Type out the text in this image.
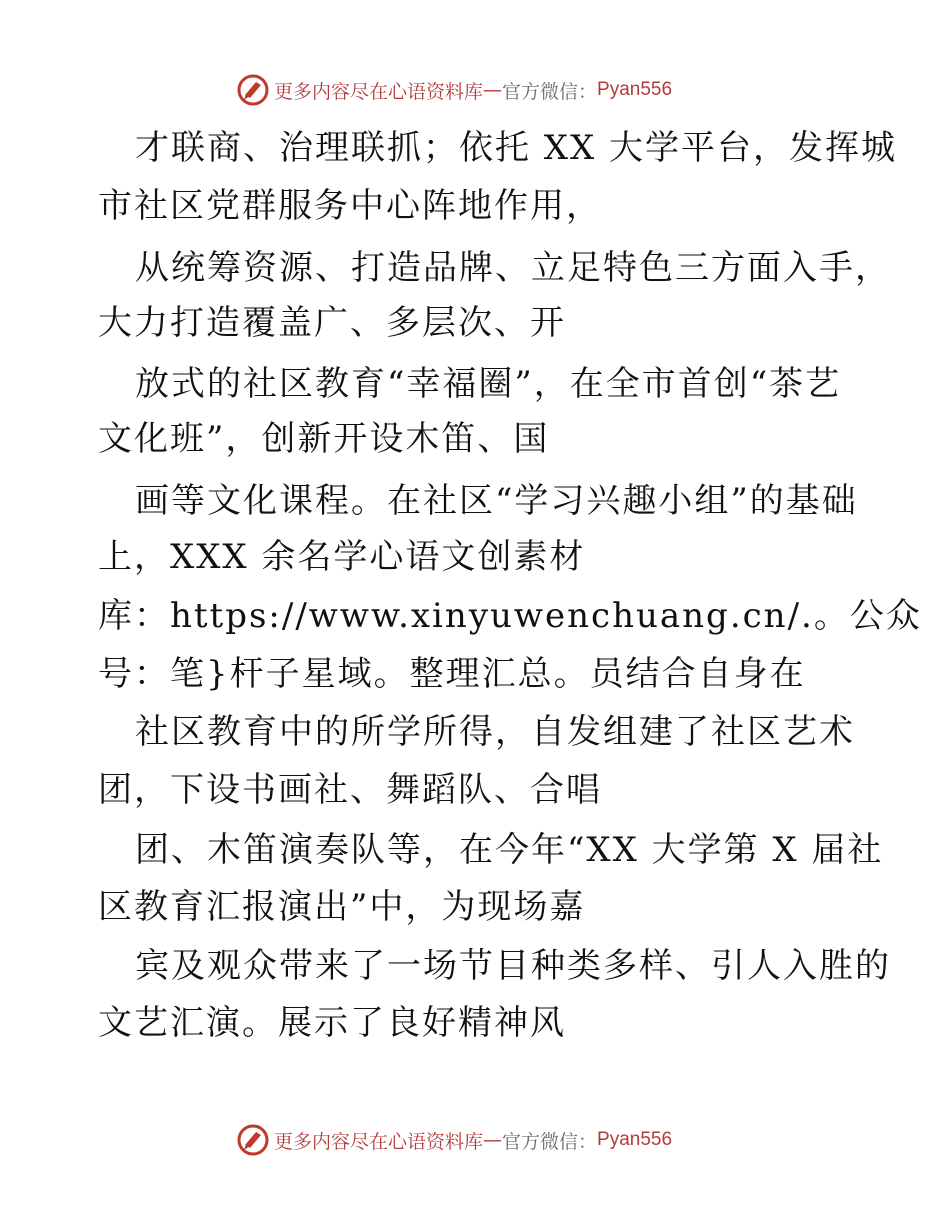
更多内容尽在心语资料库 — 官方微信： Pyan556
才联商、治理联抓；依托 XX 大学平台，发挥城
市社区党群服务中心阵地作用，
从统筹资源、打造品牌、立足特色三方面入手，
大力打造覆盖广、多层次、开
放式的社区教育“幸福圈”，在全市首创“茶艺
文化班”，创新开设木笛、国
画等文化课程。在社区“学习兴趣小组”的基础
上，XXX 余名学心语文创素材
库：https://www.xinyuwenchuang.cn/.。公众
号：笔}杆子星域。整理汇总。员结合自身在
社区教育中的所学所得，自发组建了社区艺术
团，下设书画社、舞蹈队、合唱
团、木笛演奏队等，在今年“XX 大学第 X 届社
区教育汇报演出”中，为现场嘉
宾及观众带来了一场节目种类多样、引人入胜的
文艺汇演。展示了良好精神风
更多内容尽在心语资料库 — 官方微信： Pyan556
